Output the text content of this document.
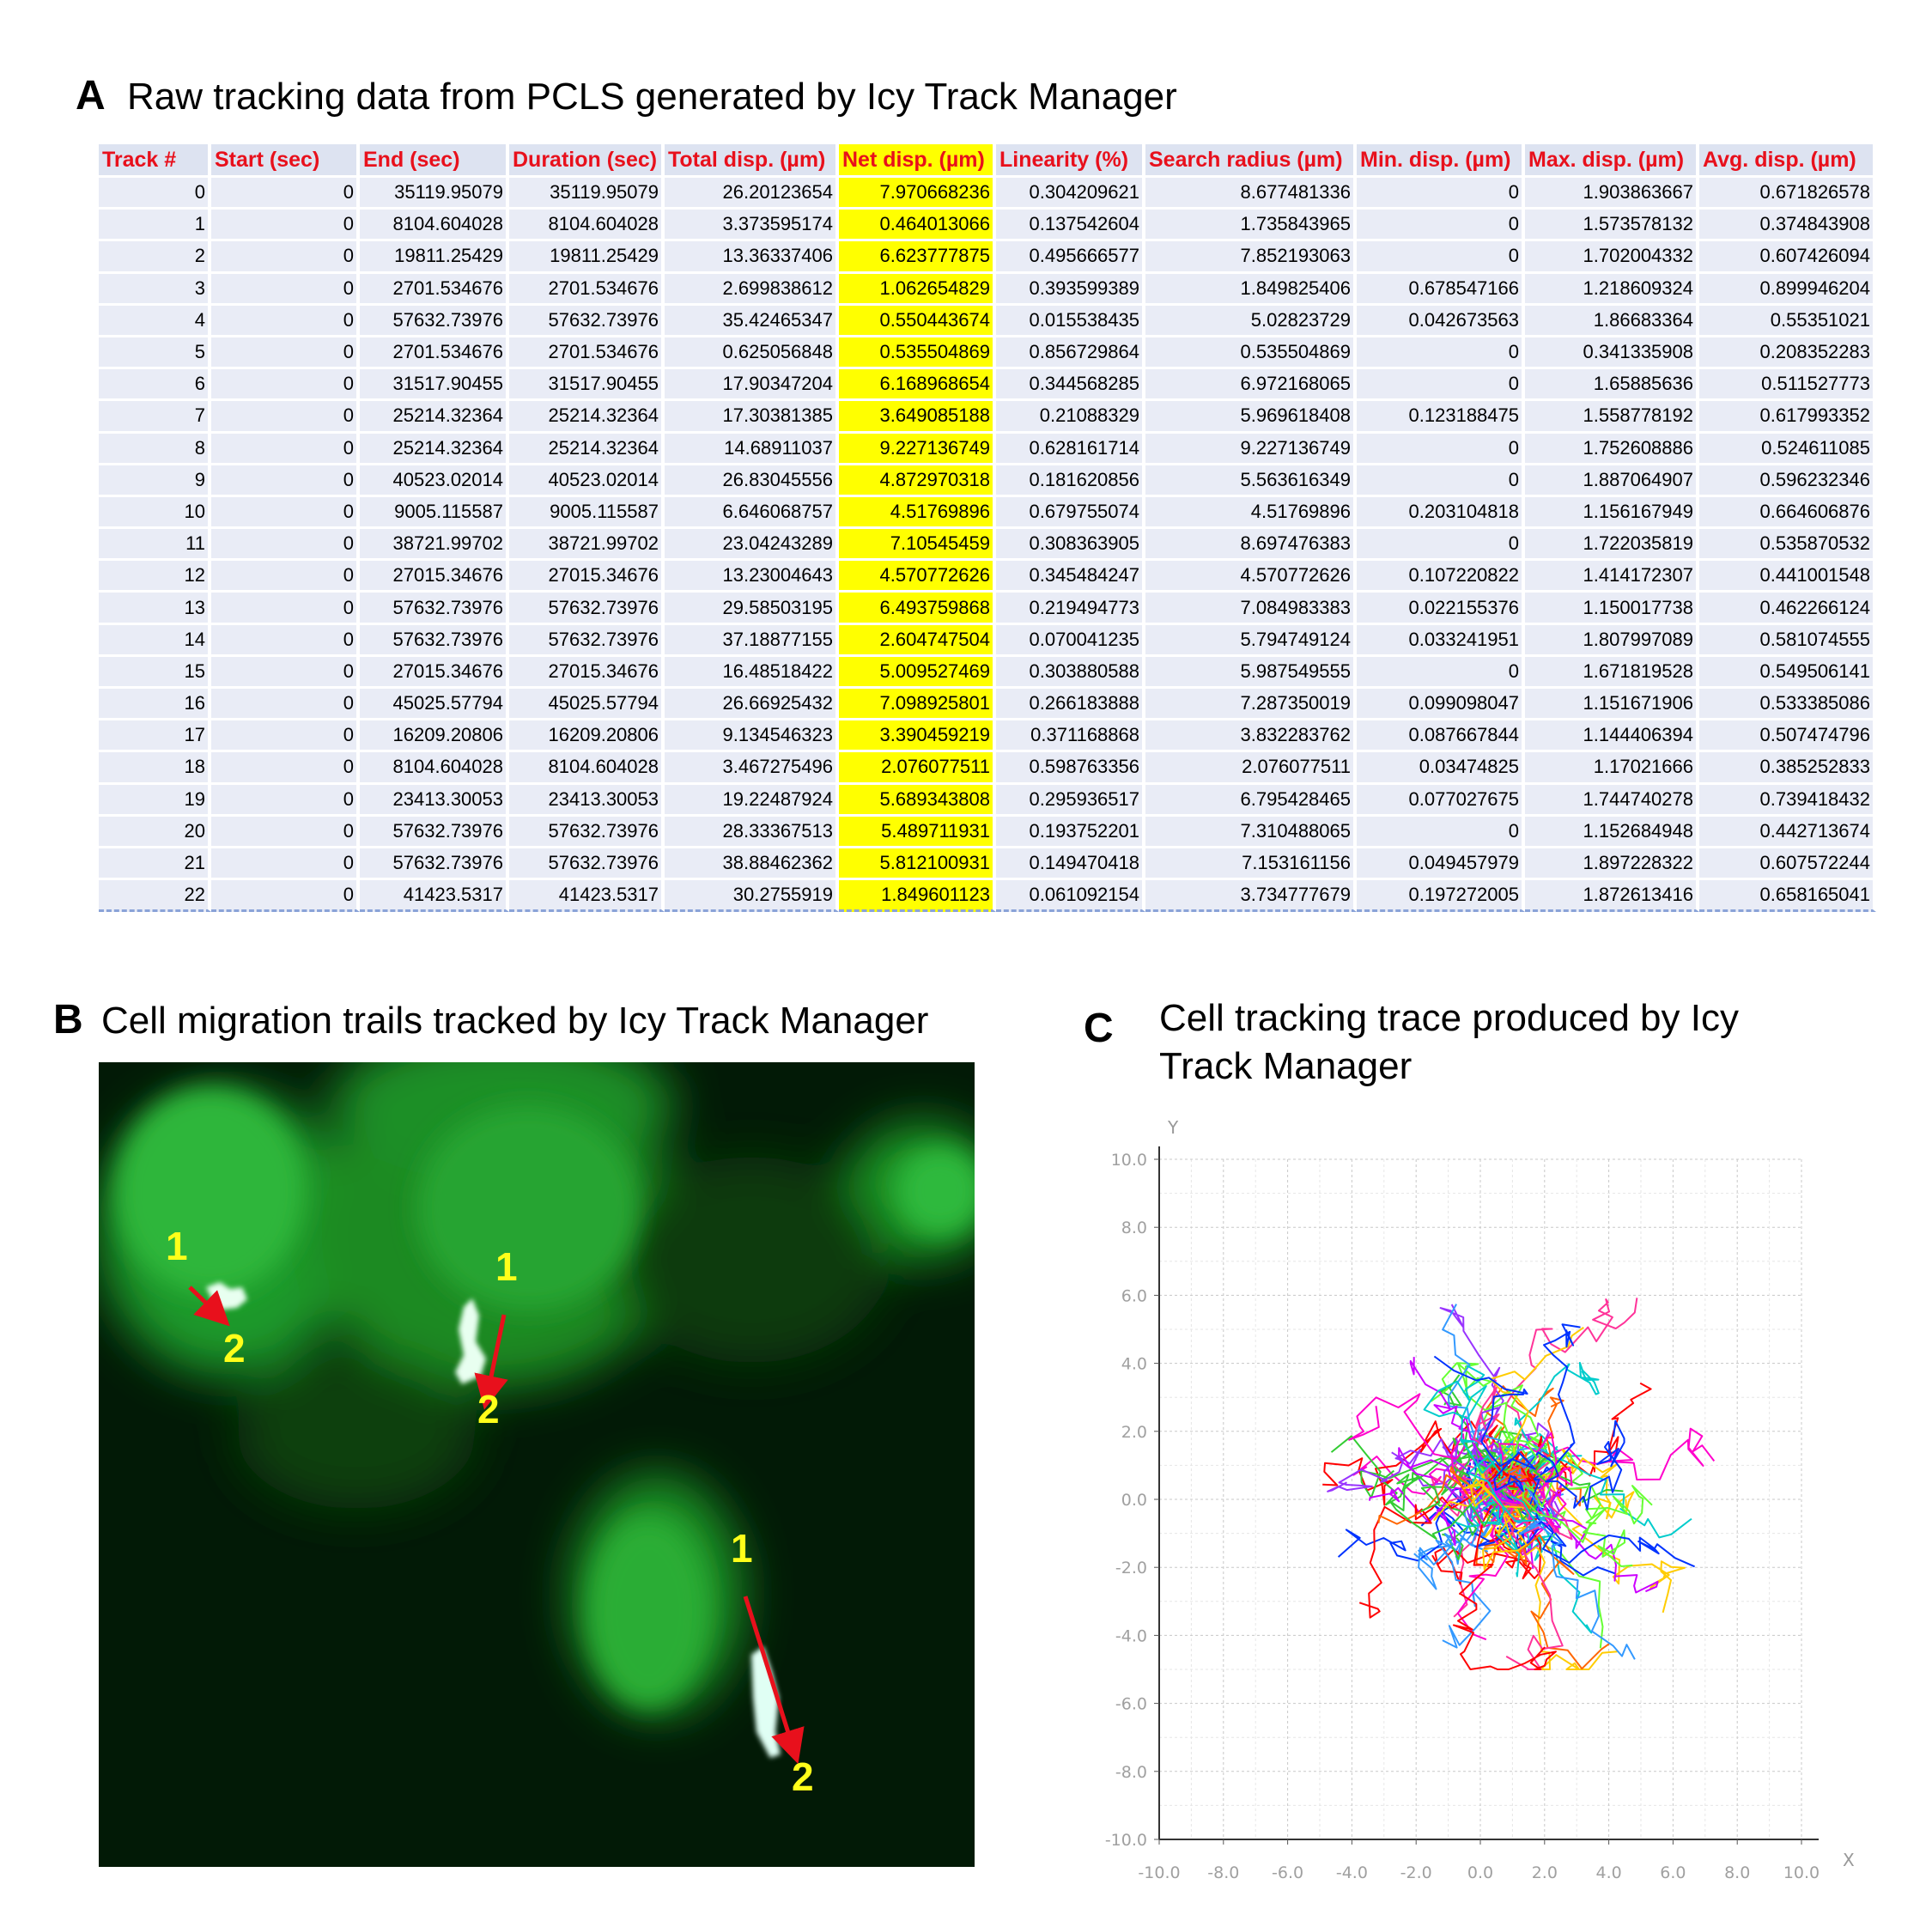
A Raw tracking data from PCLS generated by Icy Track Manager
Track #	Start (sec)	End (sec)	Duration (sec)	Total disp. (µm)	Net disp. (µm)	Linearity (%)	Search radius (µm)	Min. disp. (µm)	Max. disp. (µm)	Avg. disp. (µm)
0	0	35119.95079	35119.95079	26.20123654	7.970668236	0.304209621	8.677481336	0	1.903863667	0.671826578
1	0	8104.604028	8104.604028	3.373595174	0.464013066	0.137542604	1.735843965	0	1.573578132	0.374843908
2	0	19811.25429	19811.25429	13.36337406	6.623777875	0.495666577	7.852193063	0	1.702004332	0.607426094
3	0	2701.534676	2701.534676	2.699838612	1.062654829	0.393599389	1.849825406	0.678547166	1.218609324	0.899946204
4	0	57632.73976	57632.73976	35.42465347	0.550443674	0.015538435	5.02823729	0.042673563	1.86683364	0.55351021
5	0	2701.534676	2701.534676	0.625056848	0.535504869	0.856729864	0.535504869	0	0.341335908	0.208352283
6	0	31517.90455	31517.90455	17.90347204	6.168968654	0.344568285	6.972168065	0	1.65885636	0.511527773
7	0	25214.32364	25214.32364	17.30381385	3.649085188	0.21088329	5.969618408	0.123188475	1.558778192	0.617993352
8	0	25214.32364	25214.32364	14.68911037	9.227136749	0.628161714	9.227136749	0	1.752608886	0.524611085
9	0	40523.02014	40523.02014	26.83045556	4.872970318	0.181620856	5.563616349	0	1.887064907	0.596232346
10	0	9005.115587	9005.115587	6.646068757	4.51769896	0.679755074	4.51769896	0.203104818	1.156167949	0.664606876
11	0	38721.99702	38721.99702	23.04243289	7.10545459	0.308363905	8.697476383	0	1.722035819	0.535870532
12	0	27015.34676	27015.34676	13.23004643	4.570772626	0.345484247	4.570772626	0.107220822	1.414172307	0.441001548
13	0	57632.73976	57632.73976	29.58503195	6.493759868	0.219494773	7.084983383	0.022155376	1.150017738	0.462266124
14	0	57632.73976	57632.73976	37.18877155	2.604747504	0.070041235	5.794749124	0.033241951	1.807997089	0.581074555
15	0	27015.34676	27015.34676	16.48518422	5.009527469	0.303880588	5.987549555	0	1.671819528	0.549506141
16	0	45025.57794	45025.57794	26.66925432	7.098925801	0.266183888	7.287350019	0.099098047	1.151671906	0.533385086
17	0	16209.20806	16209.20806	9.134546323	3.390459219	0.371168868	3.832283762	0.087667844	1.144406394	0.507474796
18	0	8104.604028	8104.604028	3.467275496	2.076077511	0.598763356	2.076077511	0.03474825	1.17021666	0.385252833
19	0	23413.30053	23413.30053	19.22487924	5.689343808	0.295936517	6.795428465	0.077027675	1.744740278	0.739418432
20	0	57632.73976	57632.73976	28.33367513	5.489711931	0.193752201	7.310488065	0	1.152684948	0.442713674
21	0	57632.73976	57632.73976	38.88462362	5.812100931	0.149470418	7.153161156	0.049457979	1.897228322	0.607572244
22	0	41423.5317	41423.5317	30.2755919	1.849601123	0.061092154	3.734777679	0.197272005	1.872613416	0.658165041
B Cell migration trails tracked by Icy Track Manager
1
2
1
2
1
2
C Cell tracking trace produced by Icy Track Manager
-10.0 -8.0 -6.0 -4.0 -2.0 0.0 2.0 4.0 6.0 8.0 10.0
10.0
8.0
6.0
4.0
2.0
0.0
-2.0
-4.0
-6.0
-8.0
-10.0
X
Y
